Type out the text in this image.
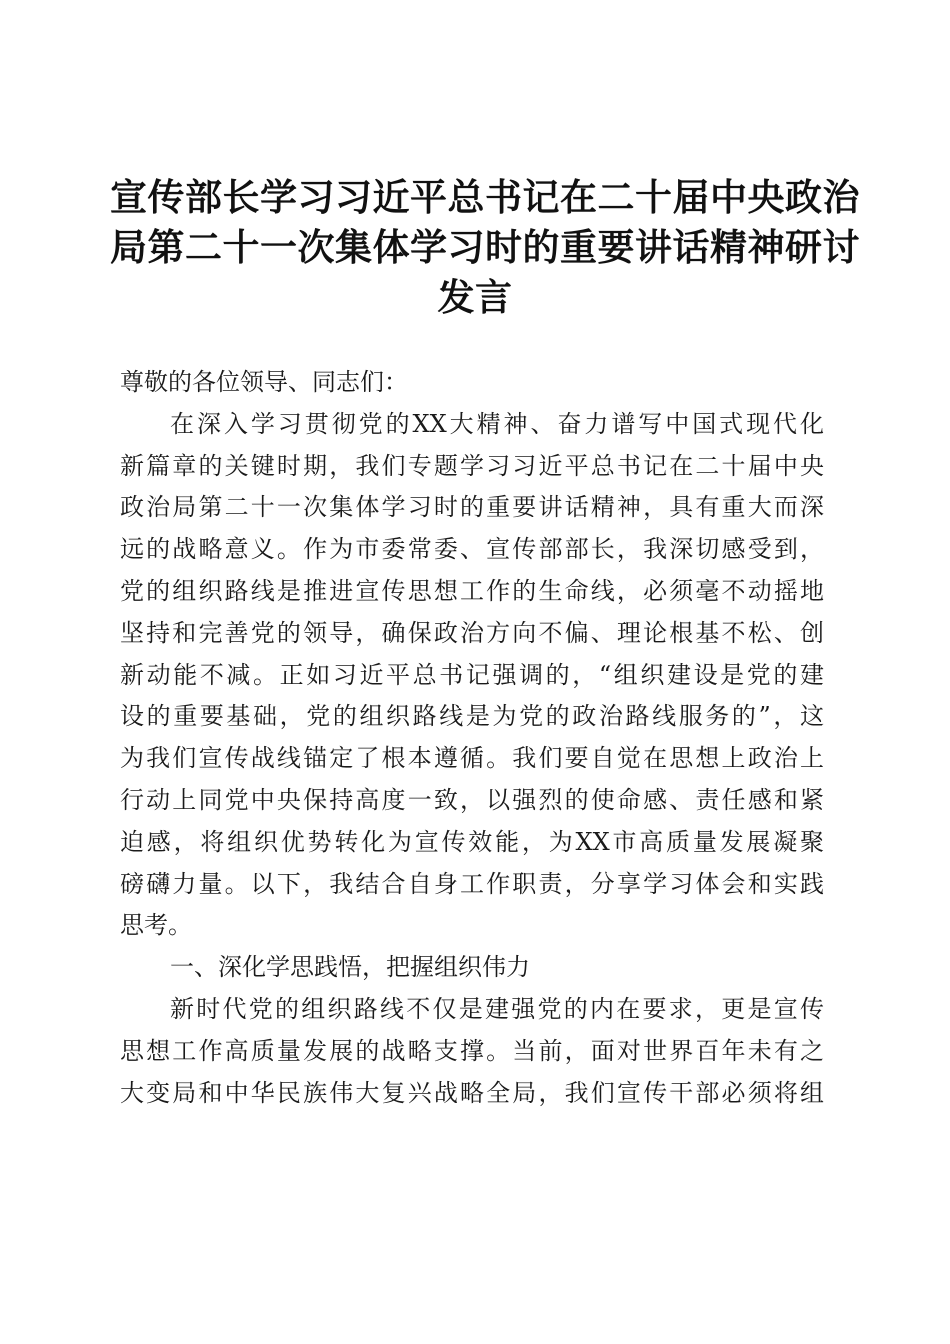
宣传部长学习习近平总书记在二十届中央政治
局第二十一次集体学习时的重要讲话精神研讨
发言
尊敬的各位领导、同志们：
在深入学习贯彻党的XX大精神、奋力谱写中国式现代化
新篇章的关键时期，我们专题学习习近平总书记在二十届中央
政治局第二十一次集体学习时的重要讲话精神，具有重大而深
远的战略意义。作为市委常委、宣传部部长，我深切感受到，
党的组织路线是推进宣传思想工作的生命线，必须毫不动摇地
坚持和完善党的领导，确保政治方向不偏、理论根基不松、创
新动能不减。正如习近平总书记强调的，“组织建设是党的建
设的重要基础，党的组织路线是为党的政治路线服务的”，这
为我们宣传战线锚定了根本遵循。我们要自觉在思想上政治上
行动上同党中央保持高度一致，以强烈的使命感、责任感和紧
迫感，将组织优势转化为宣传效能，为XX市高质量发展凝聚
磅礴力量。以下，我结合自身工作职责，分享学习体会和实践
思考。
一、深化学思践悟，把握组织伟力
新时代党的组织路线不仅是建强党的内在要求，更是宣传
思想工作高质量发展的战略支撑。当前，面对世界百年未有之
大变局和中华民族伟大复兴战略全局，我们宣传干部必须将组
